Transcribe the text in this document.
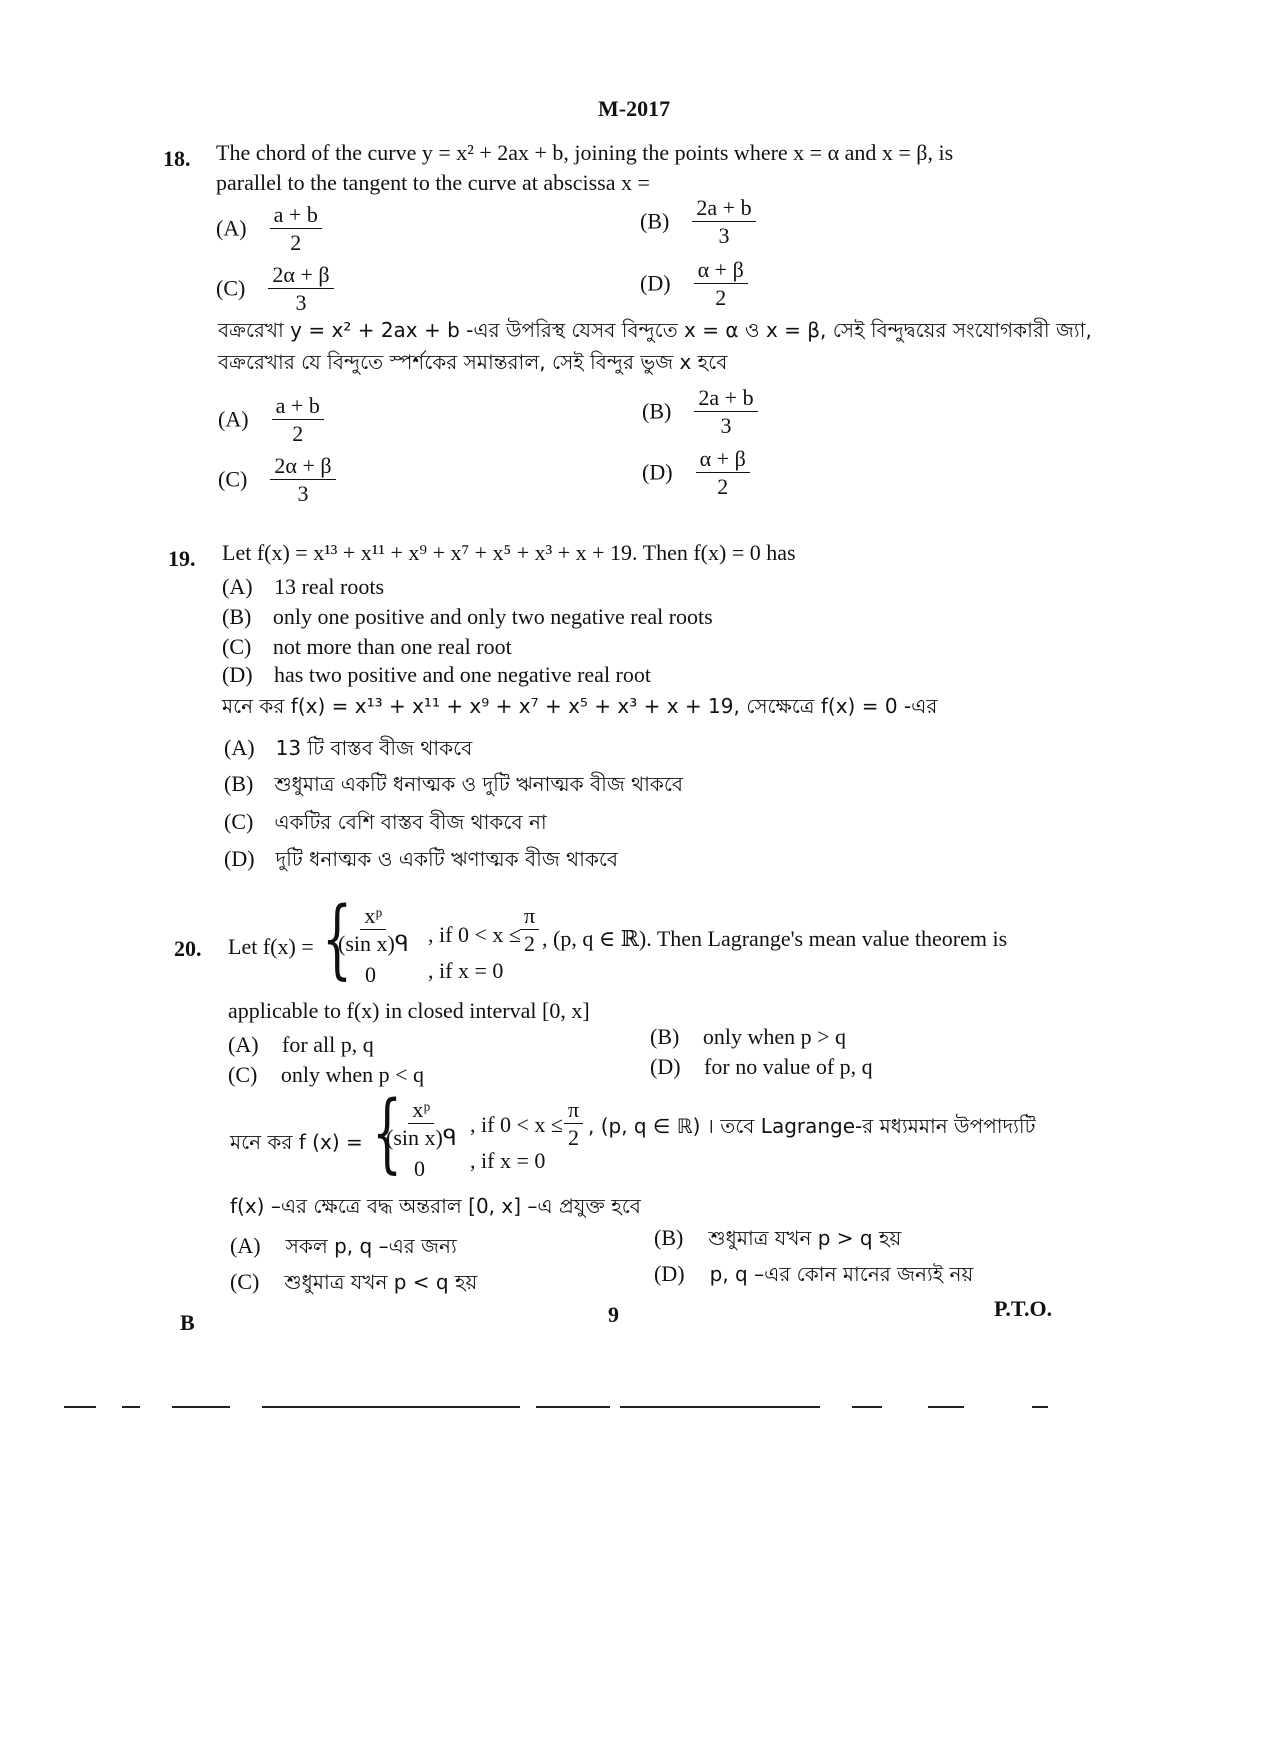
M-2017
18. The chord of the curve y = x² + 2ax + b, joining the points where x = α and x = β, is
parallel to the tangent to the curve at abscissa x =
$(A) \frac{a + b}{2}$	$(B) \frac{2a + b}{3}$
$(C) \frac{2\alpha + \beta}{3}$	$(D) \frac{\alpha + \beta}{2}$
বক্ররেখা y = x² + 2ax + b -এর উপরিস্থ যেসব বিন্দুতে x = α ও x = β, সেই বিন্দুদ্বয়ের সংযোগকারী জ্যা,
বক্ররেখার যে বিন্দুতে স্পর্শকের সমান্তরাল, সেই বিন্দুর ভুজ x হবে
$(A) \frac{a + b}{2}$	$(B) \frac{2a + b}{3}$
$(C) \frac{2\alpha + \beta}{3}$	$(D) \frac{\alpha + \beta}{2}$
19. Let f(x) = x¹³ + x¹¹ + x⁹ + x⁷ + x⁵ + x³ + x + 19. Then f(x) = 0 has
(A) 13 real roots
(B) only one positive and only two negative real roots
(C) not more than one real root
(D) has two positive and one negative real root
মনে কর f(x) = x¹³ + x¹¹ + x⁹ + x⁷ + x⁵ + x³ + x + 19, সেক্ষেত্রে f(x) = 0 -এর
(A) 13 টি বাস্তব বীজ থাকবে
(B) শুধুমাত্র একটি ধনাত্মক ও দুটি ঋনাত্মক বীজ থাকবে
(C) একটির বেশি বাস্তব বীজ থাকবে না
(D) দুটি ধনাত্মক ও একটি ঋণাত্মক বীজ থাকবে
20. Let f(x) = {
$\frac{\text{xᵖ}}{\text{(sin x)ᑫ}}$ , if $0 < x \le \frac{\pi}{2}$
0 , if x = 0
, (p, q ∈ ℝ). Then Lagrange's mean value theorem is
applicable to f(x) in closed interval [0, x]
(A) for all p, q	(B) only when p > q
(C) only when p < q	(D) for no value of p, q
মনে কর f (x) = {
$\frac{\text{xᵖ}}{\text{(sin x)ᑫ}}$ , if $0 < x \le \frac{\pi}{2}$
0 , if x = 0
, (p, q ∈ ℝ) । তবে Lagrange-র মধ্যমমান উপপাদ্যটি
f(x) –এর ক্ষেত্রে বদ্ধ অন্তরাল [0, x] –এ প্রযুক্ত হবে
(A) সকল p, q –এর জন্য	(B) শুধুমাত্র যখন p > q হয়
(C) শুধুমাত্র যখন p < q হয়	(D) p, q –এর কোন মানের জন্যই নয়
B	9	P.T.O.
